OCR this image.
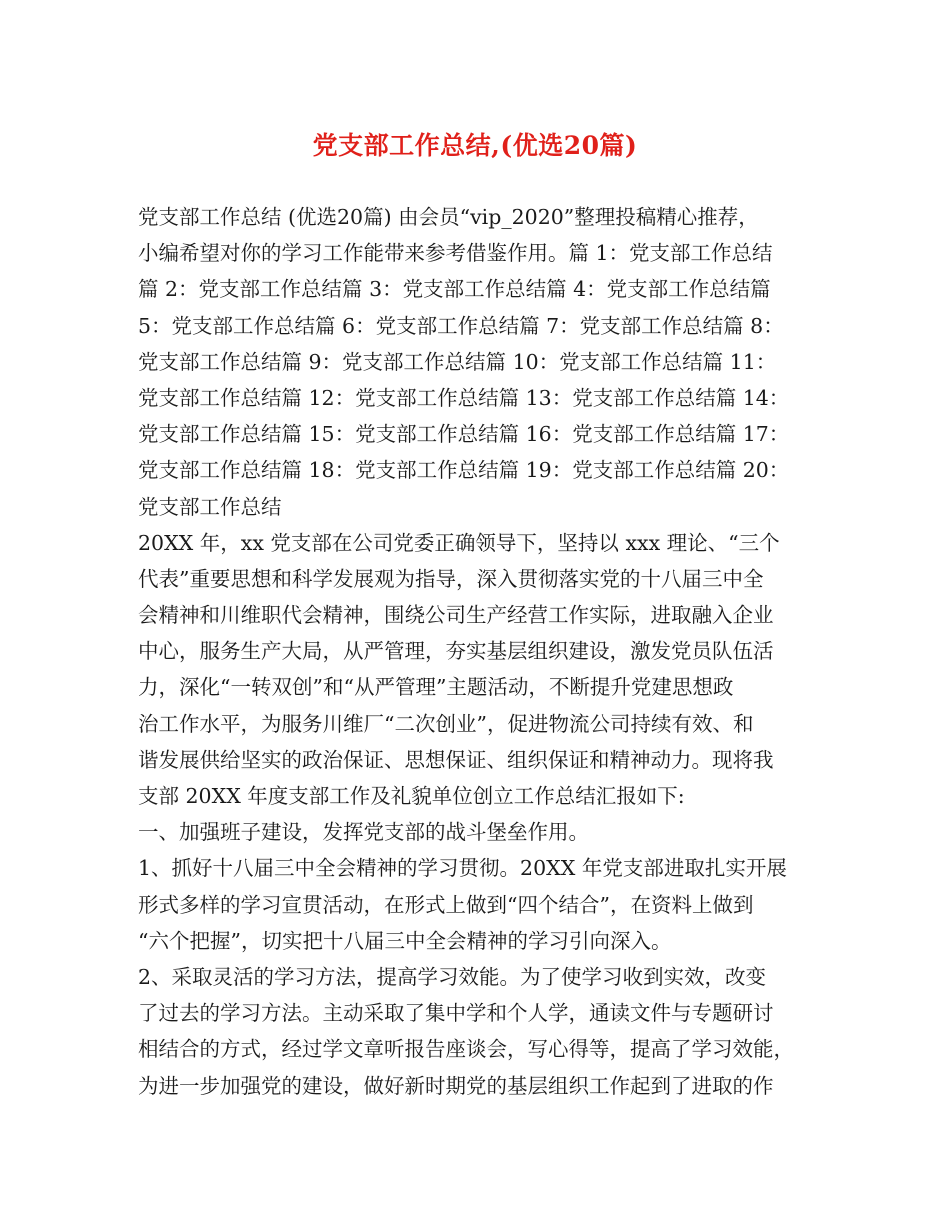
党支部工作总结,(优选20篇)
党支部工作总结 (优选20篇) 由会员“vip_2020”整理投稿精心推荐，
小编希望对你的学习工作能带来参考借鉴作用。篇 1：党支部工作总结
篇 2：党支部工作总结篇 3：党支部工作总结篇 4：党支部工作总结篇
5：党支部工作总结篇 6：党支部工作总结篇 7：党支部工作总结篇 8：
党支部工作总结篇 9：党支部工作总结篇 10：党支部工作总结篇 11：
党支部工作总结篇 12：党支部工作总结篇 13：党支部工作总结篇 14：
党支部工作总结篇 15：党支部工作总结篇 16：党支部工作总结篇 17：
党支部工作总结篇 18：党支部工作总结篇 19：党支部工作总结篇 20：
党支部工作总结
20XX 年，xx 党支部在公司党委正确领导下，坚持以 xxx 理论、“三个
代表”重要思想和科学发展观为指导，深入贯彻落实党的十八届三中全
会精神和川维职代会精神，围绕公司生产经营工作实际，进取融入企业
中心，服务生产大局，从严管理，夯实基层组织建设，激发党员队伍活
力，深化“一转双创”和“从严管理”主题活动，不断提升党建思想政
治工作水平，为服务川维厂“二次创业”，促进物流公司持续有效、和
谐发展供给坚实的政治保证、思想保证、组织保证和精神动力。现将我
支部 20XX 年度支部工作及礼貌单位创立工作总结汇报如下:
一、加强班子建设，发挥党支部的战斗堡垒作用。
1、抓好十八届三中全会精神的学习贯彻。20XX 年党支部进取扎实开展
形式多样的学习宣贯活动，在形式上做到“四个结合”，在资料上做到
“六个把握”，切实把十八届三中全会精神的学习引向深入。
2、采取灵活的学习方法，提高学习效能。为了使学习收到实效，改变
了过去的学习方法。主动采取了集中学和个人学，通读文件与专题研讨
相结合的方式，经过学文章听报告座谈会，写心得等，提高了学习效能，
为进一步加强党的建设，做好新时期党的基层组织工作起到了进取的作
